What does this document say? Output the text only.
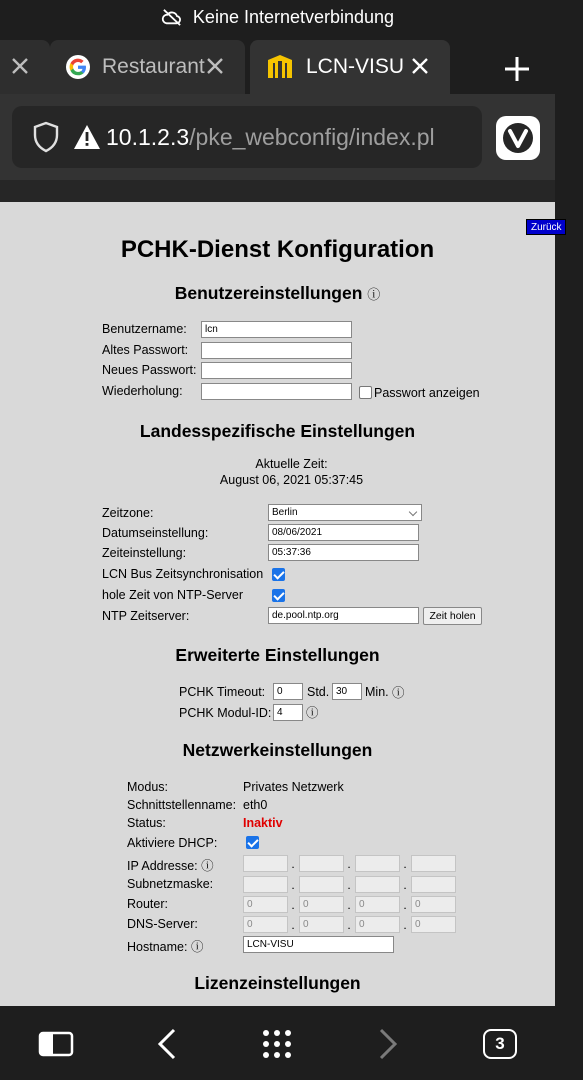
Keine Internetverbindung
Restaurant	LCN-VISU
10.1.2.3/pke_webconfig/index.pl
Zurück
PCHK-Dienst Konfiguration
Benutzereinstellungen ⓘ
Benutzername:	lcn
Altes Passwort:
Neues Passwort:
Wiederholung:	Passwort anzeigen
Landesspezifische Einstellungen
Aktuelle Zeit:
August 06, 2021 05:37:45
Zeitzone:	Berlin
Datumseinstellung:	08/06/2021
Zeiteinstellung:	05:37:36
LCN Bus Zeitsynchronisation
hole Zeit von NTP-Server
NTP Zeitserver:	de.pool.ntp.org	Zeit holen
Erweiterte Einstellungen
PCHK Timeout:	0	Std. 30	Min. ⓘ
PCHK Modul-ID: 4	ⓘ
Netzwerkeinstellungen
Modus:	Privates Netzwerk
Schnittstellenname: eth0
Status:	Inaktiv
Aktiviere DHCP:
IP Addresse: ⓘ	.	.	.
Subnetzmaske:	.	.	.
Router:	0	. 0	. 0	. 0
DNS-Server:	0	. 0	. 0	. 0
Hostname: ⓘ	LCN-VISU
Lizenzeinstellungen
3
